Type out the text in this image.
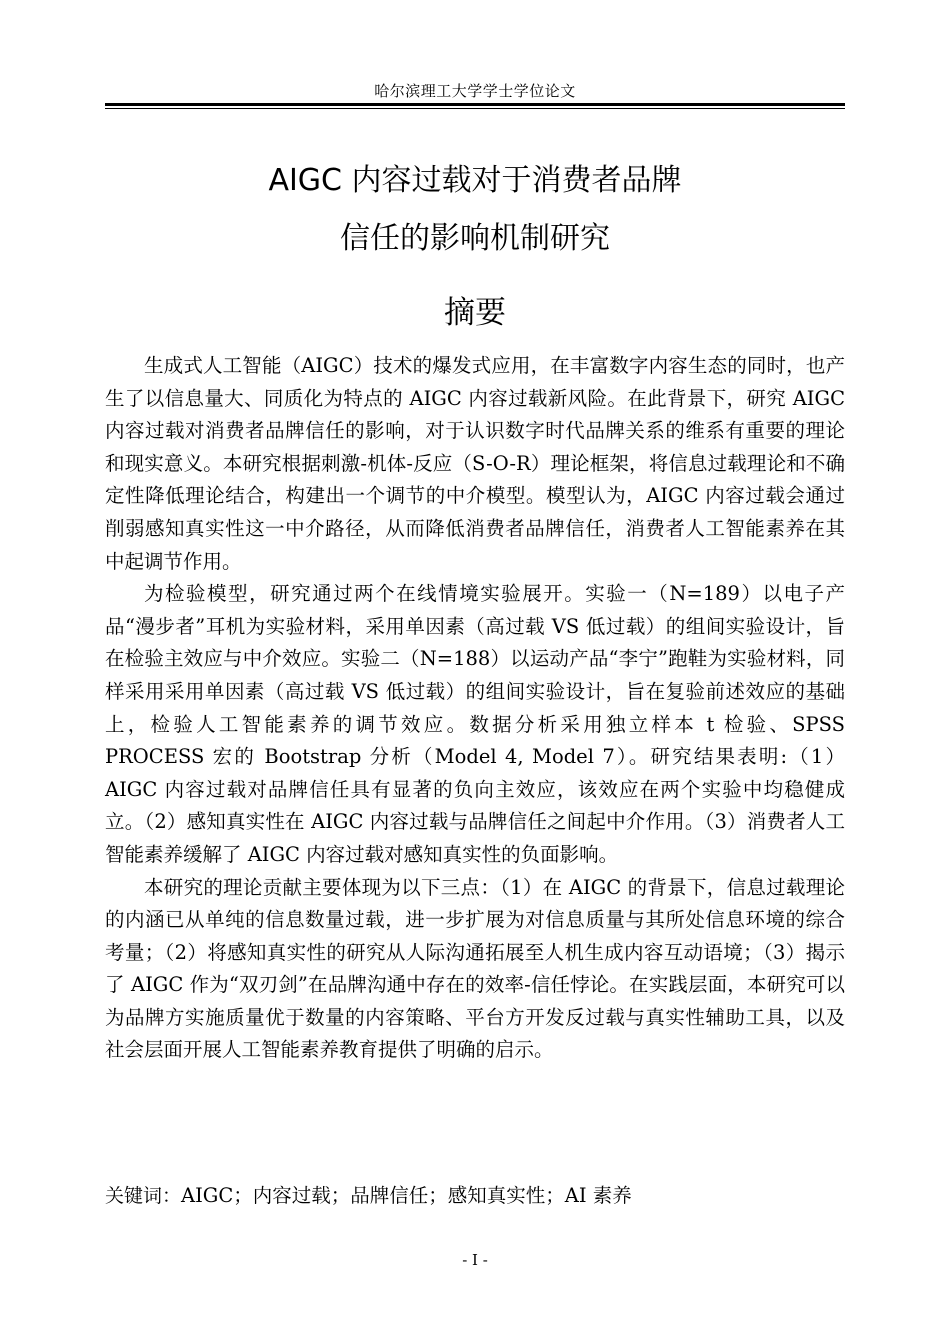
哈尔滨理工大学学士学位论文
AIGC 内容过载对于消费者品牌
信任的影响机制研究
摘要

生成式人工智能（AIGC）技术的爆发式应用，在丰富数字内容生态的同时，也产生了以信息量大、同质化为特点的 AIGC 内容过载新风险。在此背景下，研究 AIGC 内容过载对消费者品牌信任的影响，对于认识数字时代品牌关系的维系有重要的理论和现实意义。本研究根据刺激-机体-反应（S-O-R）理论框架，将信息过载理论和不确定性降低理论结合，构建出一个调节的中介模型。模型认为，AIGC 内容过载会通过削弱感知真实性这一中介路径，从而降低消费者品牌信任，消费者人工智能素养在其中起调节作用。

为检验模型，研究通过两个在线情境实验展开。实验一（N=189）以电子产品“漫步者”耳机为实验材料，采用单因素（高过载 VS 低过载）的组间实验设计，旨在检验主效应与中介效应。实验二（N=188）以运动产品“李宁”跑鞋为实验材料，同样采用采用单因素（高过载 VS 低过载）的组间实验设计，旨在复验前述效应的基础上，检验人工智能素养的调节效应。数据分析采用独立样本 t 检验、SPSS PROCESS 宏的 Bootstrap 分析（Model 4, Model 7）。研究结果表明:（1）AIGC 内容过载对品牌信任具有显著的负向主效应，该效应在两个实验中均稳健成立。（2）感知真实性在 AIGC 内容过载与品牌信任之间起中介作用。（3）消费者人工智能素养缓解了 AIGC 内容过载对感知真实性的负面影响。

本研究的理论贡献主要体现为以下三点：（1）在 AIGC 的背景下，信息过载理论的内涵已从单纯的信息数量过载，进一步扩展为对信息质量与其所处信息环境的综合考量；（2）将感知真实性的研究从人际沟通拓展至人机生成内容互动语境；（3）揭示了 AIGC 作为“双刃剑”在品牌沟通中存在的效率-信任悖论。在实践层面，本研究可以为品牌方实施质量优于数量的内容策略、平台方开发反过载与真实性辅助工具，以及社会层面开展人工智能素养教育提供了明确的启示。

关键词：AIGC；内容过载；品牌信任；感知真实性；AI 素养
- I -
